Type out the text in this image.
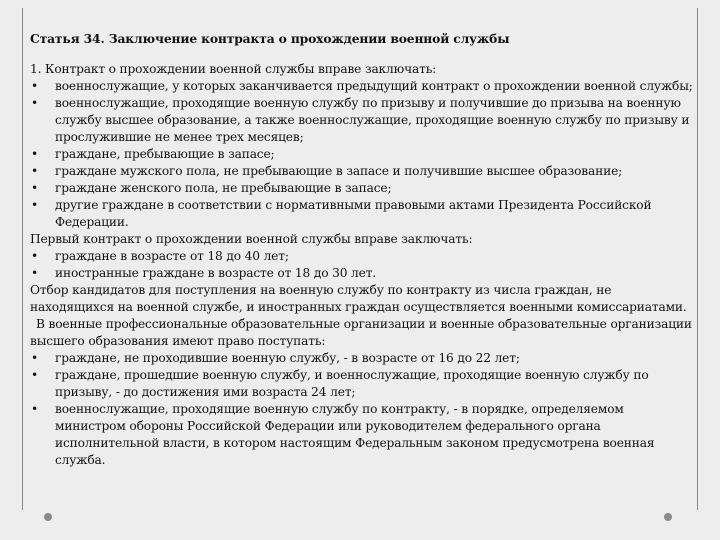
Статья 34. Заключение контракта о прохождении военной службы

1. Контракт о прохождении военной службы вправе заключать:

• военнослужащие, у которых заканчивается предыдущий контракт о прохождении военной службы;

• военнослужащие, проходящие военную службу по призыву и получившие до призыва на военную службу высшее образование, а также военнослужащие, проходящие военную службу по призыву и прослужившие не менее трех месяцев;

• граждане, пребывающие в запасе;

• граждане мужского пола, не пребывающие в запасе и получившие высшее образование;

• граждане женского пола, не пребывающие в запасе;

• другие граждане в соответствии с нормативными правовыми актами Президента Российской Федерации.

Первый контракт о прохождении военной службы вправе заключать:

• граждане в возрасте от 18 до 40 лет;

• иностранные граждане в возрасте от 18 до 30 лет.

Отбор кандидатов для поступления на военную службу по контракту из числа граждан, не находящихся на военной службе, и иностранных граждан осуществляется военными комиссариатами.

В военные профессиональные образовательные организации и военные образовательные организации высшего образования имеют право поступать:

• граждане, не проходившие военную службу, - в возрасте от 16 до 22 лет;

• граждане, прошедшие военную службу, и военнослужащие, проходящие военную службу по призыву, - до достижения ими возраста 24 лет;

• военнослужащие, проходящие военную службу по контракту, - в порядке, определяемом министром обороны Российской Федерации или руководителем федерального органа исполнительной власти, в котором настоящим Федеральным законом предусмотрена военная служба.
